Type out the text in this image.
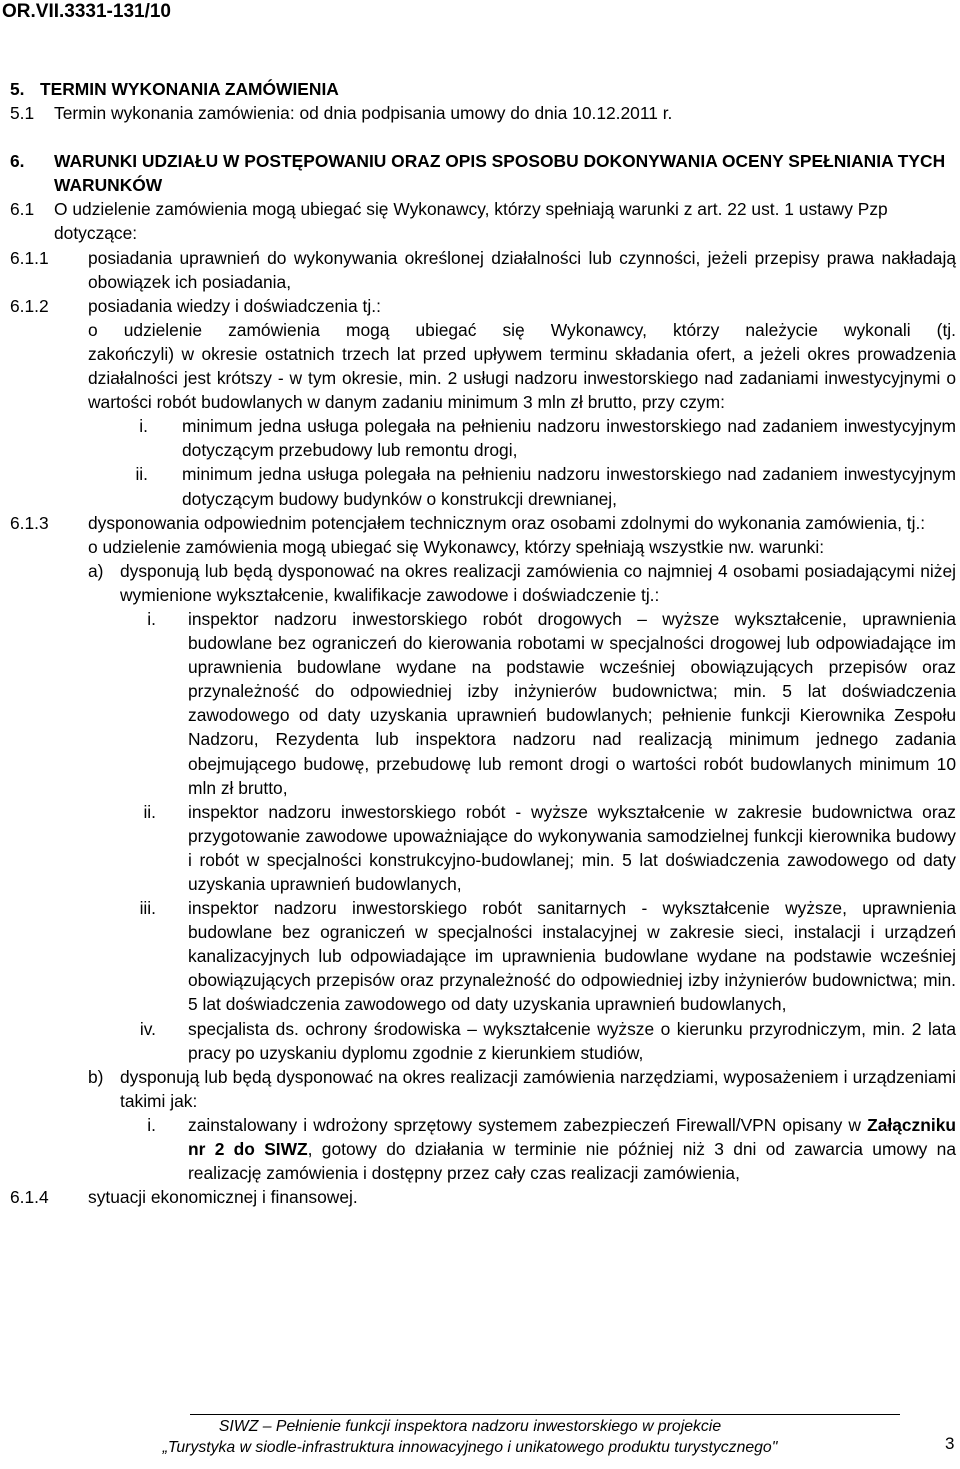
OR.VII.3331-131/10
5. TERMIN WYKONANIA ZAMÓWIENIA
5.1	Termin wykonania zamówienia: od dnia podpisania umowy do dnia 10.12.2011 r.
6.	WARUNKI UDZIAŁU W POSTĘPOWANIU ORAZ OPIS SPOSOBU DOKONYWANIA OCENY SPEŁNIANIA TYCH WARUNKÓW
6.1	O udzielenie zamówienia mogą ubiegać się Wykonawcy, którzy spełniają warunki z art. 22 ust. 1 ustawy Pzp dotyczące:
6.1.1	posiadania uprawnień do wykonywania określonej działalności lub czynności, jeżeli przepisy prawa nakładają obowiązek ich posiadania,
6.1.2	posiadania wiedzy i doświadczenia tj.:
o udzielenie zamówienia mogą ubiegać się Wykonawcy, którzy należycie wykonali (tj.
zakończyli) w okresie ostatnich trzech lat przed upływem terminu składania ofert, a jeżeli okres prowadzenia działalności jest krótszy - w tym okresie, min. 2 usługi nadzoru inwestorskiego nad zadaniami inwestycyjnymi o wartości robót budowlanych w danym zadaniu minimum 3 mln zł brutto, przy czym:
i.	minimum jedna usługa polegała na pełnieniu nadzoru inwestorskiego nad zadaniem inwestycyjnym dotyczącym przebudowy lub remontu drogi,
ii.	minimum jedna usługa polegała na pełnieniu nadzoru inwestorskiego nad zadaniem inwestycyjnym dotyczącym budowy budynków o konstrukcji drewnianej,
6.1.3	dysponowania odpowiednim potencjałem technicznym oraz osobami zdolnymi do wykonania zamówienia, tj.:
o udzielenie zamówienia mogą ubiegać się Wykonawcy, którzy spełniają wszystkie nw. warunki:
a) dysponują lub będą dysponować na okres realizacji zamówienia co najmniej 4 osobami posiadającymi niżej wymienione wykształcenie, kwalifikacje zawodowe i doświadczenie tj.:
i.	inspektor nadzoru inwestorskiego robót drogowych – wyższe wykształcenie, uprawnienia budowlane bez ograniczeń do kierowania robotami w specjalności drogowej lub odpowiadające im uprawnienia budowlane wydane na podstawie wcześniej obowiązujących przepisów oraz przynależność do odpowiedniej izby inżynierów budownictwa; min. 5 lat doświadczenia zawodowego od daty uzyskania uprawnień budowlanych; pełnienie funkcji Kierownika Zespołu Nadzoru, Rezydenta lub inspektora nadzoru nad realizacją minimum jednego zadania obejmującego budowę, przebudowę lub remont drogi o wartości robót budowlanych minimum 10 mln zł brutto,
ii.	inspektor nadzoru inwestorskiego robót - wyższe wykształcenie w zakresie budownictwa oraz przygotowanie zawodowe upoważniające do wykonywania samodzielnej funkcji kierownika budowy i robót w specjalności konstrukcyjno-budowlanej; min. 5 lat doświadczenia zawodowego od daty uzyskania uprawnień budowlanych,
iii.	inspektor nadzoru inwestorskiego robót sanitarnych - wykształcenie wyższe, uprawnienia budowlane bez ograniczeń w specjalności instalacyjnej w zakresie sieci, instalacji i urządzeń kanalizacyjnych lub odpowiadające im uprawnienia budowlane wydane na podstawie wcześniej obowiązujących przepisów oraz przynależność do odpowiedniej izby inżynierów budownictwa; min. 5 lat doświadczenia zawodowego od daty uzyskania uprawnień budowlanych,
iv.	specjalista ds. ochrony środowiska – wykształcenie wyższe o kierunku przyrodniczym, min. 2 lata pracy po uzyskaniu dyplomu zgodnie z kierunkiem studiów,
b) dysponują lub będą dysponować na okres realizacji zamówienia narzędziami, wyposażeniem i urządzeniami takimi jak:
i.	zainstalowany i wdrożony sprzętowy systemem zabezpieczeń Firewall/VPN opisany w Załączniku nr 2 do SIWZ, gotowy do działania w terminie nie później niż 3 dni od zawarcia umowy na realizację zamówienia i dostępny przez cały czas realizacji zamówienia,
6.1.4	sytuacji ekonomicznej i finansowej.
SIWZ – Pełnienie funkcji inspektora nadzoru inwestorskiego w projekcie
„Turystyka w siodle-infrastruktura innowacyjnego i unikatowego produktu turystycznego"	3
